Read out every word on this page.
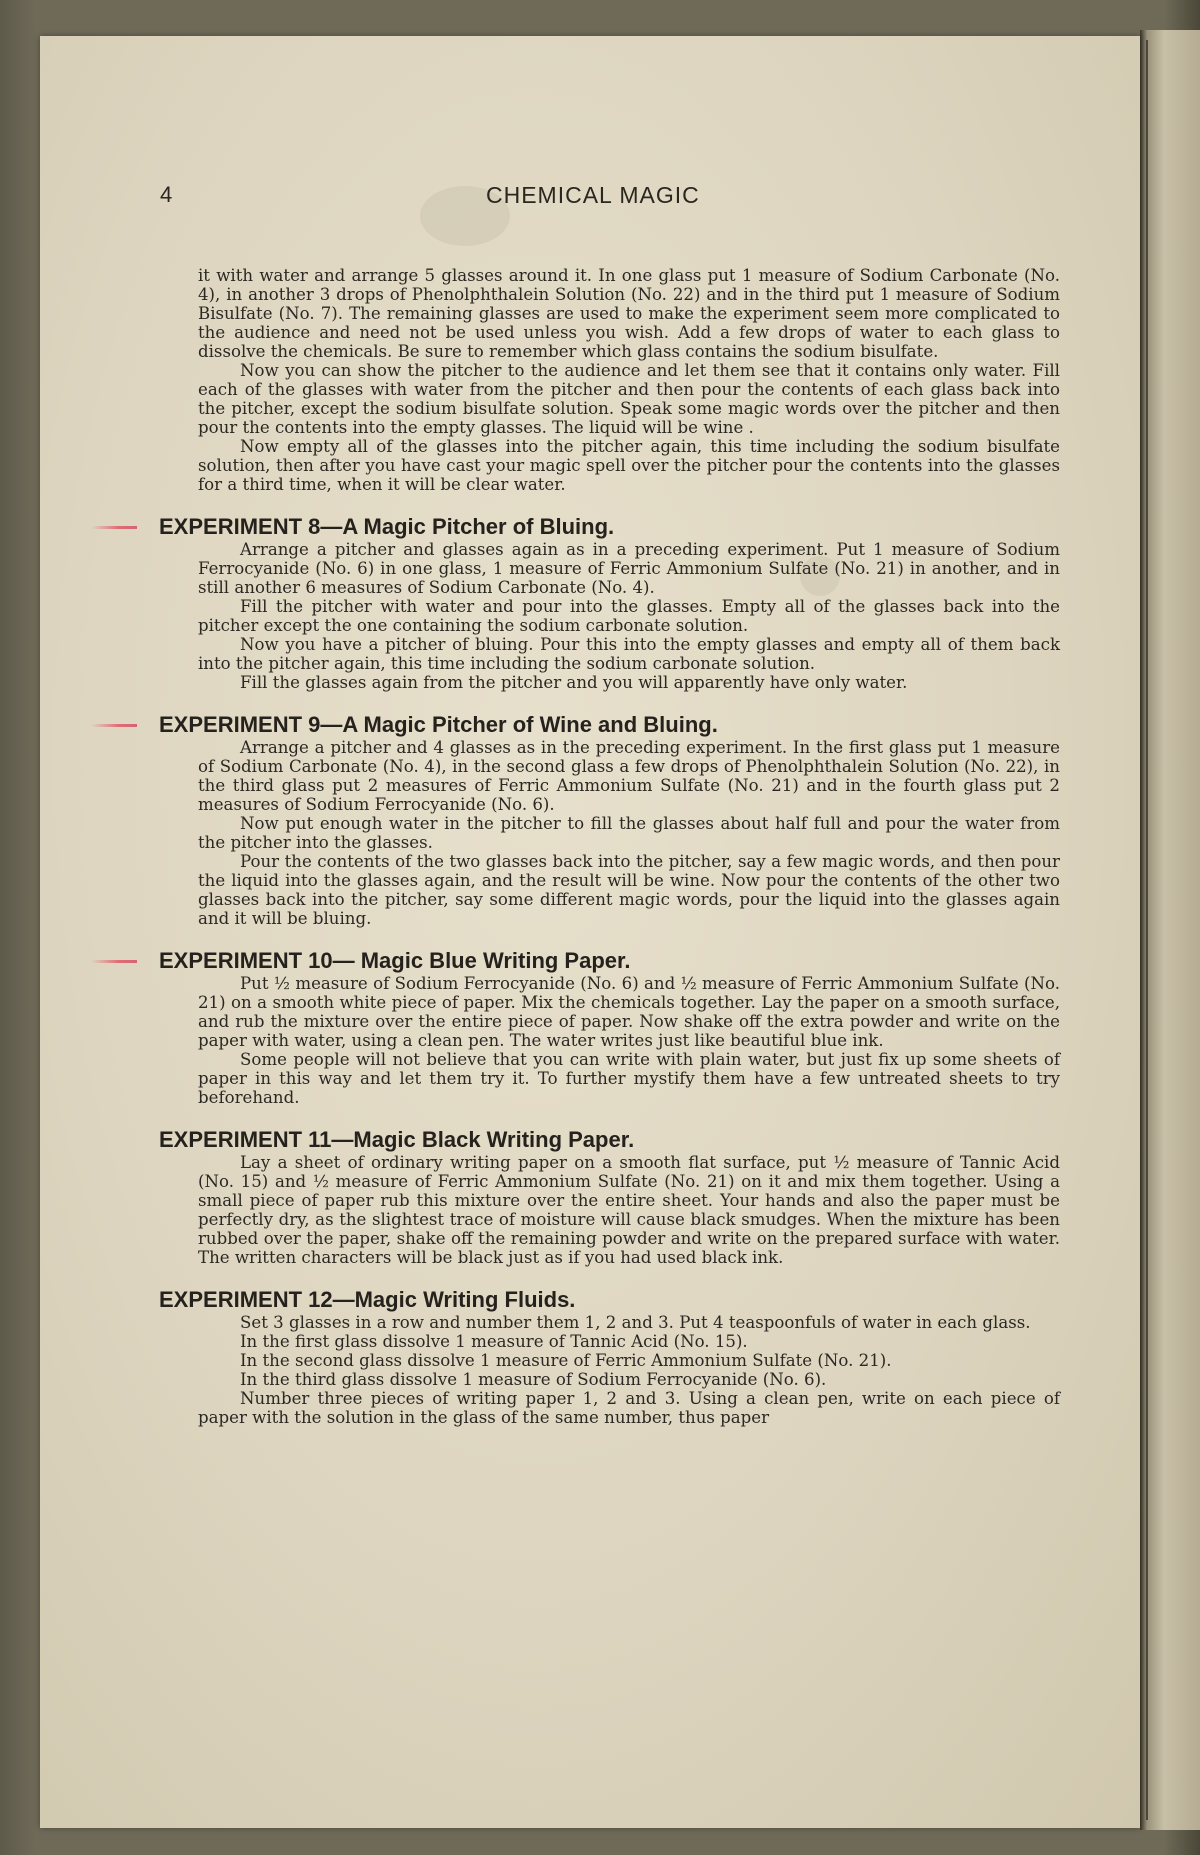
4	CHEMICAL MAGIC

it with water and arrange 5 glasses around it. In one glass put 1 measure of Sodium Carbonate (No. 4), in another 3 drops of Phenolphthalein Solution (No. 22) and in the third put 1 measure of Sodium Bisulfate (No. 7). The remaining glasses are used to make the experiment seem more complicated to the audience and need not be used unless you wish. Add a few drops of water to each glass to dissolve the chemicals. Be sure to remember which glass contains the sodium bisulfate.

Now you can show the pitcher to the audience and let them see that it contains only water. Fill each of the glasses with water from the pitcher and then pour the contents of each glass back into the pitcher, except the sodium bisulfate solution. Speak some magic words over the pitcher and then pour the contents into the empty glasses. The liquid will be wine .

Now empty all of the glasses into the pitcher again, this time including the sodium bisulfate solution, then after you have cast your magic spell over the pitcher pour the contents into the glasses for a third time, when it will be clear water.

EXPERIMENT 8—A Magic Pitcher of Bluing.

Arrange a pitcher and glasses again as in a preceding experiment. Put 1 measure of Sodium Ferrocyanide (No. 6) in one glass, 1 measure of Ferric Ammonium Sulfate (No. 21) in another, and in still another 6 measures of Sodium Carbonate (No. 4).

Fill the pitcher with water and pour into the glasses. Empty all of the glasses back into the pitcher except the one containing the sodium carbonate solution.

Now you have a pitcher of bluing. Pour this into the empty glasses and empty all of them back into the pitcher again, this time including the sodium carbonate solution.

Fill the glasses again from the pitcher and you will apparently have only water.

EXPERIMENT 9—A Magic Pitcher of Wine and Bluing.

Arrange a pitcher and 4 glasses as in the preceding experiment. In the first glass put 1 measure of Sodium Carbonate (No. 4), in the second glass a few drops of Phenolphthalein Solution (No. 22), in the third glass put 2 measures of Ferric Ammonium Sulfate (No. 21) and in the fourth glass put 2 measures of Sodium Ferrocyanide (No. 6).

Now put enough water in the pitcher to fill the glasses about half full and pour the water from the pitcher into the glasses.

Pour the contents of the two glasses back into the pitcher, say a few magic words, and then pour the liquid into the glasses again, and the result will be wine. Now pour the contents of the other two glasses back into the pitcher, say some different magic words, pour the liquid into the glasses again and it will be bluing.

EXPERIMENT 10— Magic Blue Writing Paper.

Put ½ measure of Sodium Ferrocyanide (No. 6) and ½ measure of Ferric Ammonium Sulfate (No. 21) on a smooth white piece of paper. Mix the chemicals together. Lay the paper on a smooth surface, and rub the mixture over the entire piece of paper. Now shake off the extra powder and write on the paper with water, using a clean pen. The water writes just like beautiful blue ink.

Some people will not believe that you can write with plain water, but just fix up some sheets of paper in this way and let them try it. To further mystify them have a few untreated sheets to try beforehand.

EXPERIMENT 11—Magic Black Writing Paper.

Lay a sheet of ordinary writing paper on a smooth flat surface, put ½ measure of Tannic Acid (No. 15) and ½ measure of Ferric Ammonium Sulfate (No. 21) on it and mix them together. Using a small piece of paper rub this mixture over the entire sheet. Your hands and also the paper must be perfectly dry, as the slightest trace of moisture will cause black smudges. When the mixture has been rubbed over the paper, shake off the remaining powder and write on the prepared surface with water. The written characters will be black just as if you had used black ink.

EXPERIMENT 12—Magic Writing Fluids.

Set 3 glasses in a row and number them 1, 2 and 3. Put 4 teaspoonfuls of water in each glass.

In the first glass dissolve 1 measure of Tannic Acid (No. 15).

In the second glass dissolve 1 measure of Ferric Ammonium Sulfate (No. 21).

In the third glass dissolve 1 measure of Sodium Ferrocyanide (No. 6).

Number three pieces of writing paper 1, 2 and 3. Using a clean pen, write on each piece of paper with the solution in the glass of the same number, thus paper
